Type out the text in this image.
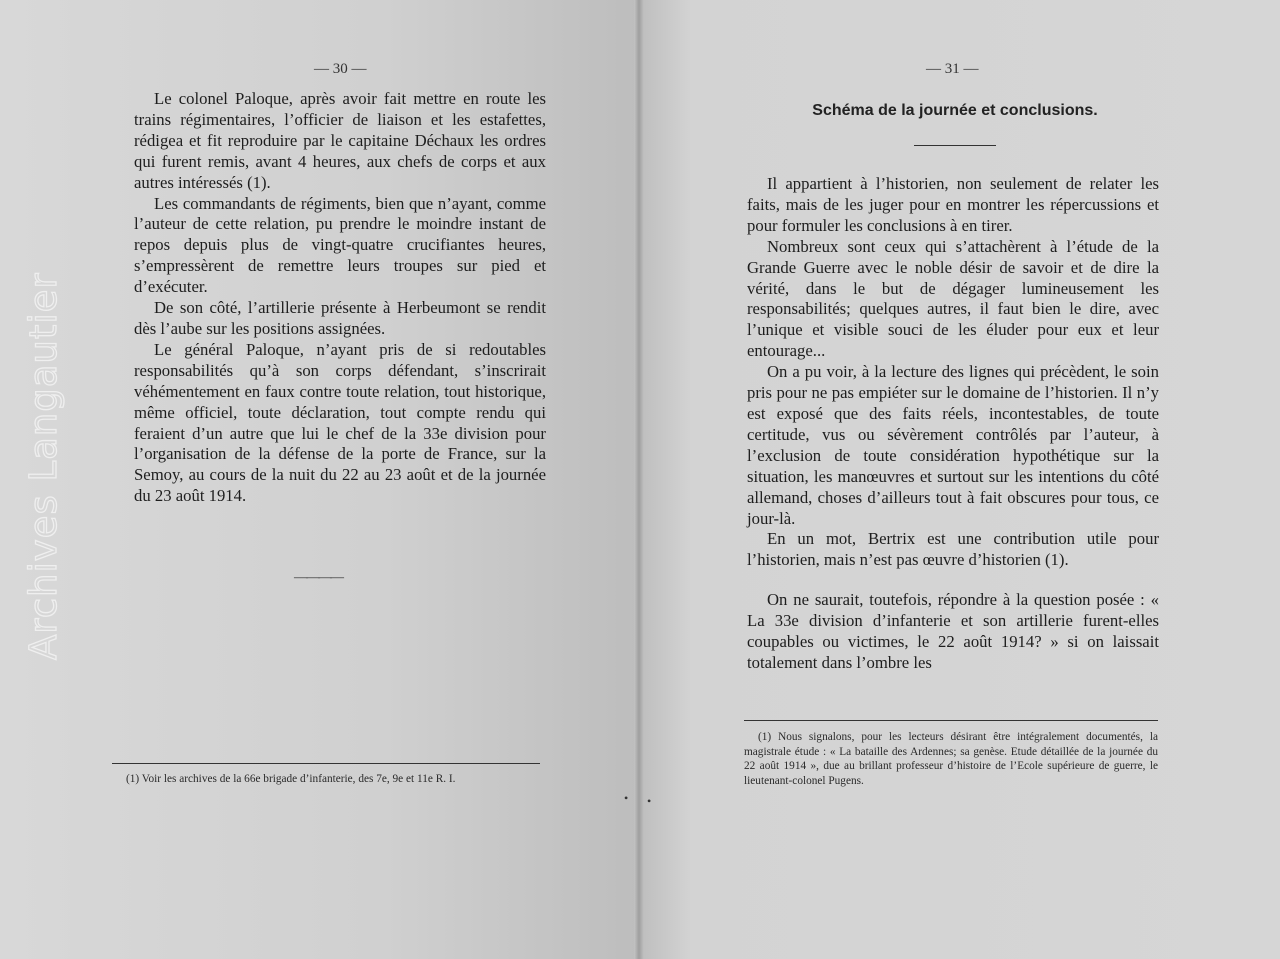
Archives Langautier
— 30 —

Le colonel Paloque, après avoir fait mettre en route les trains régimentaires, l’officier de liaison et les estafettes, rédigea et fit reproduire par le capitaine Déchaux les ordres qui furent remis, avant 4 heures, aux chefs de corps et aux autres intéressés (1).

Les commandants de régiments, bien que n’ayant, comme l’auteur de cette relation, pu prendre le moindre instant de repos depuis plus de vingt-quatre crucifiantes heures, s’empressèrent de remettre leurs troupes sur pied et d’exécuter.

De son côté, l’artillerie présente à Herbeumont se rendit dès l’aube sur les positions assignées.

Le général Paloque, n’ayant pris de si redoutables responsabilités qu’à son corps défendant, s’inscrirait véhémentement en faux contre toute relation, tout historique, même officiel, toute déclaration, tout compte rendu qui feraient d’un autre que lui le chef de la 33e division pour l’organisation de la défense de la porte de France, sur la Semoy, au cours de la nuit du 22 au 23 août et de la journée du 23 août 1914.

————

(1) Voir les archives de la 66e brigade d’infanterie, des 7e, 9e et 11e R. I.

— 31 —
Schéma de la journée et conclusions.

Il appartient à l’historien, non seulement de relater les faits, mais de les juger pour en montrer les répercussions et pour formuler les conclusions à en tirer.

Nombreux sont ceux qui s’attachèrent à l’étude de la Grande Guerre avec le noble désir de savoir et de dire la vérité, dans le but de dégager lumineusement les responsabilités; quelques autres, il faut bien le dire, avec l’unique et visible souci de les éluder pour eux et leur entourage...

On a pu voir, à la lecture des lignes qui précèdent, le soin pris pour ne pas empiéter sur le domaine de l’historien. Il n’y est exposé que des faits réels, incontestables, de toute certitude, vus ou sévèrement contrôlés par l’auteur, à l’exclusion de toute considération hypothétique sur la situation, les manœuvres et surtout sur les intentions du côté allemand, choses d’ailleurs tout à fait obscures pour tous, ce jour-là.

En un mot, Bertrix est une contribution utile pour l’historien, mais n’est pas œuvre d’historien (1).

On ne saurait, toutefois, répondre à la question posée : « La 33e division d’infanterie et son artillerie furent-elles coupables ou victimes, le 22 août 1914? » si on laissait totalement dans l’ombre les

(1) Nous signalons, pour les lecteurs désirant être intégralement documentés, la magistrale étude : « La bataille des Ardennes; sa genèse. Etude détaillée de la journée du 22 août 1914 », due au brillant professeur d’histoire de l’Ecole supérieure de guerre, le lieutenant-colonel Pugens.

• •
